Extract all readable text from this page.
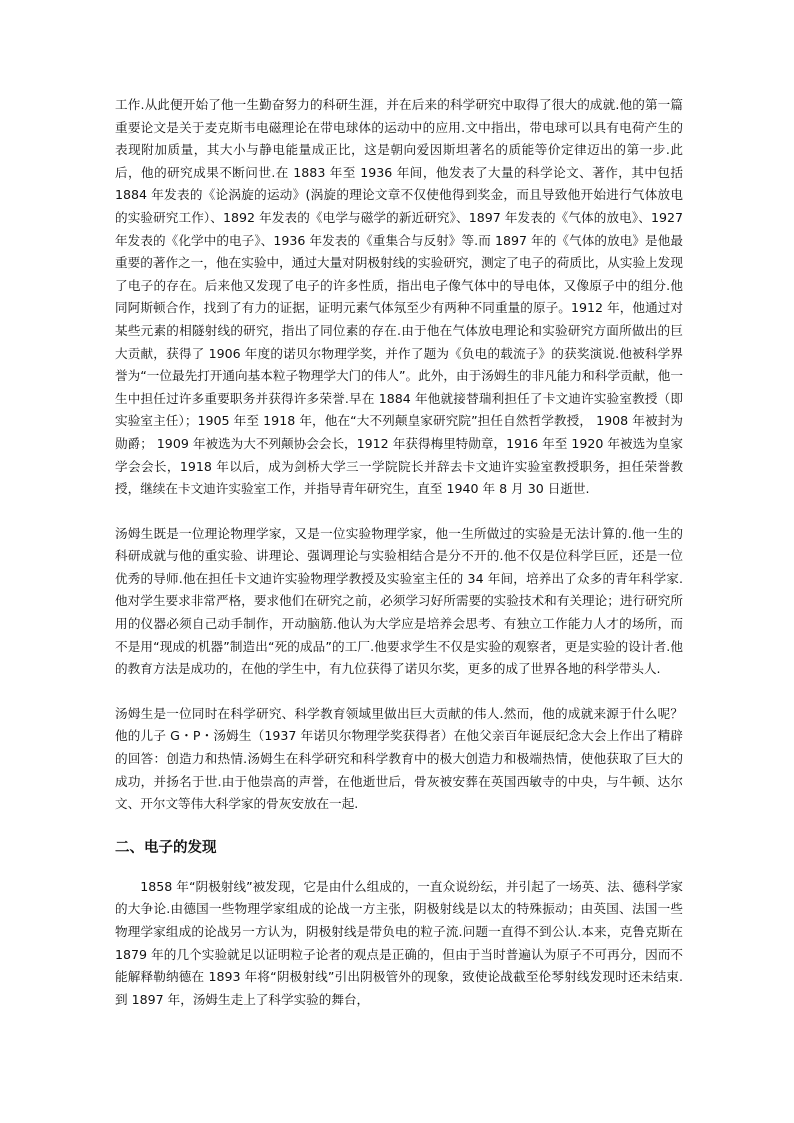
工作.从此便开始了他一生勤奋努力的科研生涯，并在后来的科学研究中取得了很大的成就.他的第一篇重要论文是关于麦克斯韦电磁理论在带电球体的运动中的应用.文中指出，带电球可以具有电荷产生的表现附加质量，其大小与静电能量成正比，这是朝向爱因斯坦著名的质能等价定律迈出的第一步.此后，他的研究成果不断问世.在 1883 年至 1936 年间，他发表了大量的科学论文、著作，其中包括 1884 年发表的《论涡旋的运动》(涡旋的理论文章不仅使他得到奖金，而且导致他开始进行气体放电的实验研究工作）、1892 年发表的《电学与磁学的新近研究》、1897 年发表的《气体的放电》、1927 年发表的《化学中的电子》、1936 年发表的《重集合与反射》等.而 1897 年的《气体的放电》是他最重要的著作之一，他在实验中，通过大量对阴极射线的实验研究，测定了电子的荷质比，从实验上发现了电子的存在。后来他又发现了电子的许多性质，指出电子像气体中的导电体，又像原子中的组分.他同阿斯顿合作，找到了有力的证据，证明元素气体氖至少有两种不同重量的原子。1912 年，他通过对某些元素的相隧射线的研究，指出了同位素的存在.由于他在气体放电理论和实验研究方面所做出的巨大贡献，获得了 1906 年度的诺贝尔物理学奖，并作了题为《负电的载流子》的获奖演说.他被科学界誉为“一位最先打开通向基本粒子物理学大门的伟人”。此外，由于汤姆生的非凡能力和科学贡献，他一生中担任过许多重要职务并获得许多荣誉.早在 1884 年他就接替瑞利担任了卡文迪许实验室教授（即实验室主任）；1905 年至 1918 年，他在“大不列颠皇家研究院”担任自然哲学教授， 1908 年被封为勋爵； 1909 年被选为大不列颠协会会长，1912 年获得梅里特勋章，1916 年至 1920 年被选为皇家学会会长，1918 年以后，成为剑桥大学三一学院院长并辞去卡文迪许实验室教授职务，担任荣誉教授，继续在卡文迪许实验室工作，并指导青年研究生，直至 1940 年 8 月 30 日逝世.

汤姆生既是一位理论物理学家，又是一位实验物理学家，他一生所做过的实验是无法计算的.他一生的科研成就与他的重实验、讲理论、强调理论与实验相结合是分不开的.他不仅是位科学巨匠，还是一位优秀的导师.他在担任卡文迪许实验物理学教授及实验室主任的 34 年间，培养出了众多的青年科学家.他对学生要求非常严格，要求他们在研究之前，必须学习好所需要的实验技术和有关理论；进行研究所用的仪器必须自己动手制作，开动脑筋.他认为大学应是培养会思考、有独立工作能力人才的场所，而不是用“现成的机器”制造出“死的成品”的工厂.他要求学生不仅是实验的观察者，更是实验的设计者.他的教育方法是成功的，在他的学生中，有九位获得了诺贝尔奖，更多的成了世界各地的科学带头人.

汤姆生是一位同时在科学研究、科学教育领域里做出巨大贡献的伟人.然而，他的成就来源于什么呢？他的儿子 G・P・汤姆生（1937 年诺贝尔物理学奖获得者）在他父亲百年诞辰纪念大会上作出了精辟的回答：创造力和热情.汤姆生在科学研究和科学教育中的极大创造力和极端热情，使他获取了巨大的成功，并扬名于世.由于他崇高的声誉，在他逝世后，骨灰被安葬在英国西敏寺的中央，与牛顿、达尔文、开尔文等伟大科学家的骨灰安放在一起.

二、电子的发现

1858 年“阴极射线”被发现，它是由什么组成的，一直众说纷纭，并引起了一场英、法、德科学家的大争论.由德国一些物理学家组成的论战一方主张，阴极射线是以太的特殊振动；由英国、法国一些物理学家组成的论战另一方认为，阴极射线是带负电的粒子流.问题一直得不到公认.本来，克鲁克斯在 1879 年的几个实验就足以证明粒子论者的观点是正确的，但由于当时普遍认为原子不可再分，因而不能解释勒纳德在 1893 年将“阴极射线”引出阴极管外的现象，致使论战截至伦琴射线发现时还未结束.到 1897 年，汤姆生走上了科学实验的舞台，
